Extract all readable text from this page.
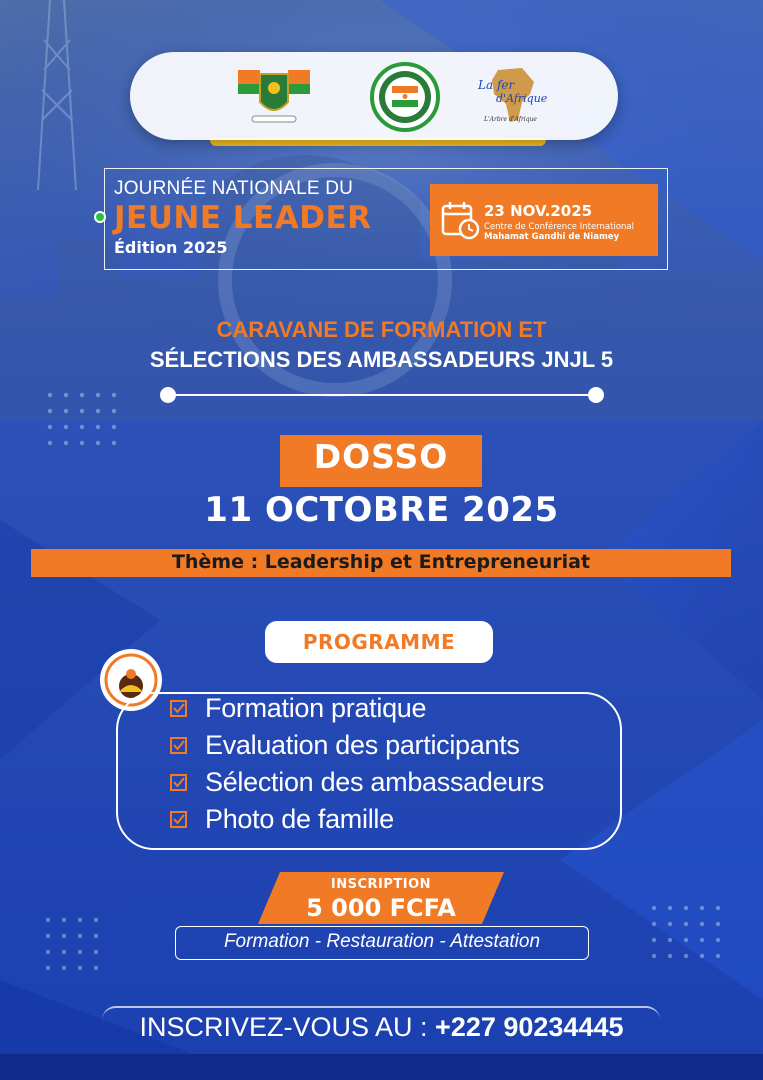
La fer
d'Afrique
L'Arbre d'Afrique
JOURNÉE NATIONALE DU
JEUNE LEADER
Édition 2025
23 NOV.2025
Centre de Conférence International
Mahamat Gandhi de Niamey
CARAVANE DE FORMATION ET
SÉLECTIONS DES AMBASSADEURS JNJL 5
DOSSO
11 OCTOBRE 2025
Thème : Leadership et Entrepreneuriat
PROGRAMME
Formation pratique
Evaluation des participants
Sélection des ambassadeurs
Photo de famille
INSCRIPTION
5 000 FCFA
Formation - Restauration - Attestation
INSCRIVEZ-VOUS AU : +227 90234445
